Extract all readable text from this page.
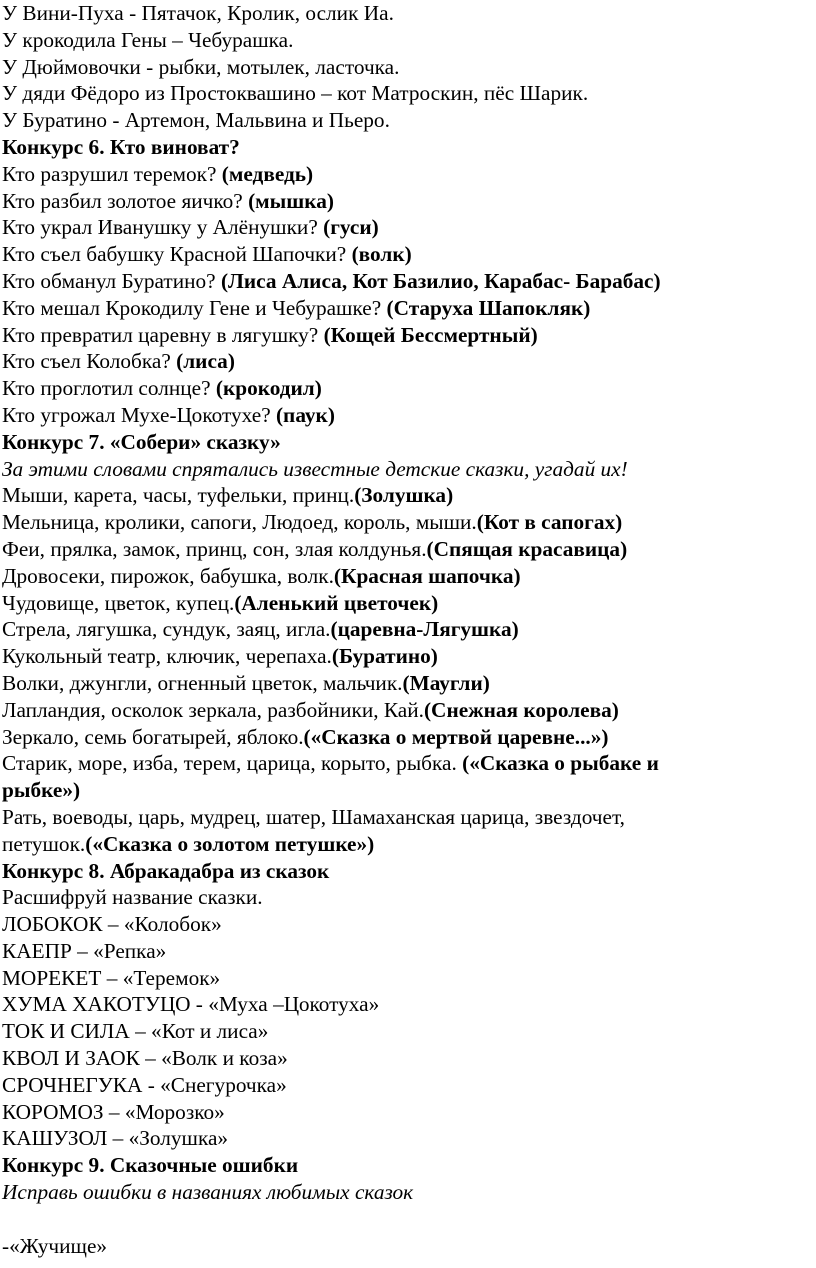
У Вини-Пуха - Пятачок, Кролик, ослик Иа.

У крокодила Гены – Чебурашка.

У Дюймовочки - рыбки, мотылек, ласточка.

У дяди Фёдоро из Простоквашино – кот Матроскин, пёс Шарик.

У Буратино - Артемон, Мальвина и Пьеро.

Конкурс 6. Кто виноват?

Кто разрушил теремок? (медведь)

Кто разбил золотое яичко? (мышка)

Кто украл Иванушку у Алёнушки? (гуси)

Кто съел бабушку Красной Шапочки? (волк)

Кто обманул Буратино? (Лиса Алиса, Кот Базилио, Карабас- Барабас)

Кто мешал Крокодилу Гене и Чебурашке? (Старуха Шапокляк)

Кто превратил царевну в лягушку? (Кощей Бессмертный)

Кто съел Колобка? (лиса)

Кто проглотил солнце? (крокодил)

Кто угрожал Мухе-Цокотухе? (паук)

Конкурс 7. «Собери» сказку»

За этими словами спрятались известные детские сказки, угадай их!

Мыши, карета, часы, туфельки, принц.(Золушка)

Мельница, кролики, сапоги, Людоед, король, мыши.(Кот в сапогах)

Феи, прялка, замок, принц, сон, злая колдунья.(Спящая красавица)

Дровосеки, пирожок, бабушка, волк.(Красная шапочка)

Чудовище, цветок, купец.(Аленький цветочек)

Стрела, лягушка, сундук, заяц, игла.(царевна-Лягушка)

Кукольный театр, ключик, черепаха.(Буратино)

Волки, джунгли, огненный цветок, мальчик.(Маугли)

Лапландия, осколок зеркала, разбойники, Кай.(Снежная королева)

Зеркало, семь богатырей, яблоко.(«Сказка о мертвой царевне...»)

Старик, море, изба, терем, царица, корыто, рыбка. («Сказка о рыбаке и

рыбке»)

Рать, воеводы, царь, мудрец, шатер, Шамаханская царица, звездочет,

петушок.(«Сказка о золотом петушке»)

Конкурс 8. Абракадабра из сказок

Расшифруй название сказки.

ЛОБОКОК – «Колобок»

КАЕПР – «Репка»

МОРЕКЕТ – «Теремок»

ХУМА ХАКОТУЦО - «Муха –Цокотуха»

ТОК И СИЛА – «Кот и лиса»

КВОЛ И ЗАОК – «Волк и коза»

СРОЧНЕГУКА - «Снегурочка»

КОРОМОЗ – «Морозко»

КАШУЗОЛ – «Золушка»

Конкурс 9. Сказочные ошибки

Исправь ошибки в названиях любимых сказок

-«Жучище»
